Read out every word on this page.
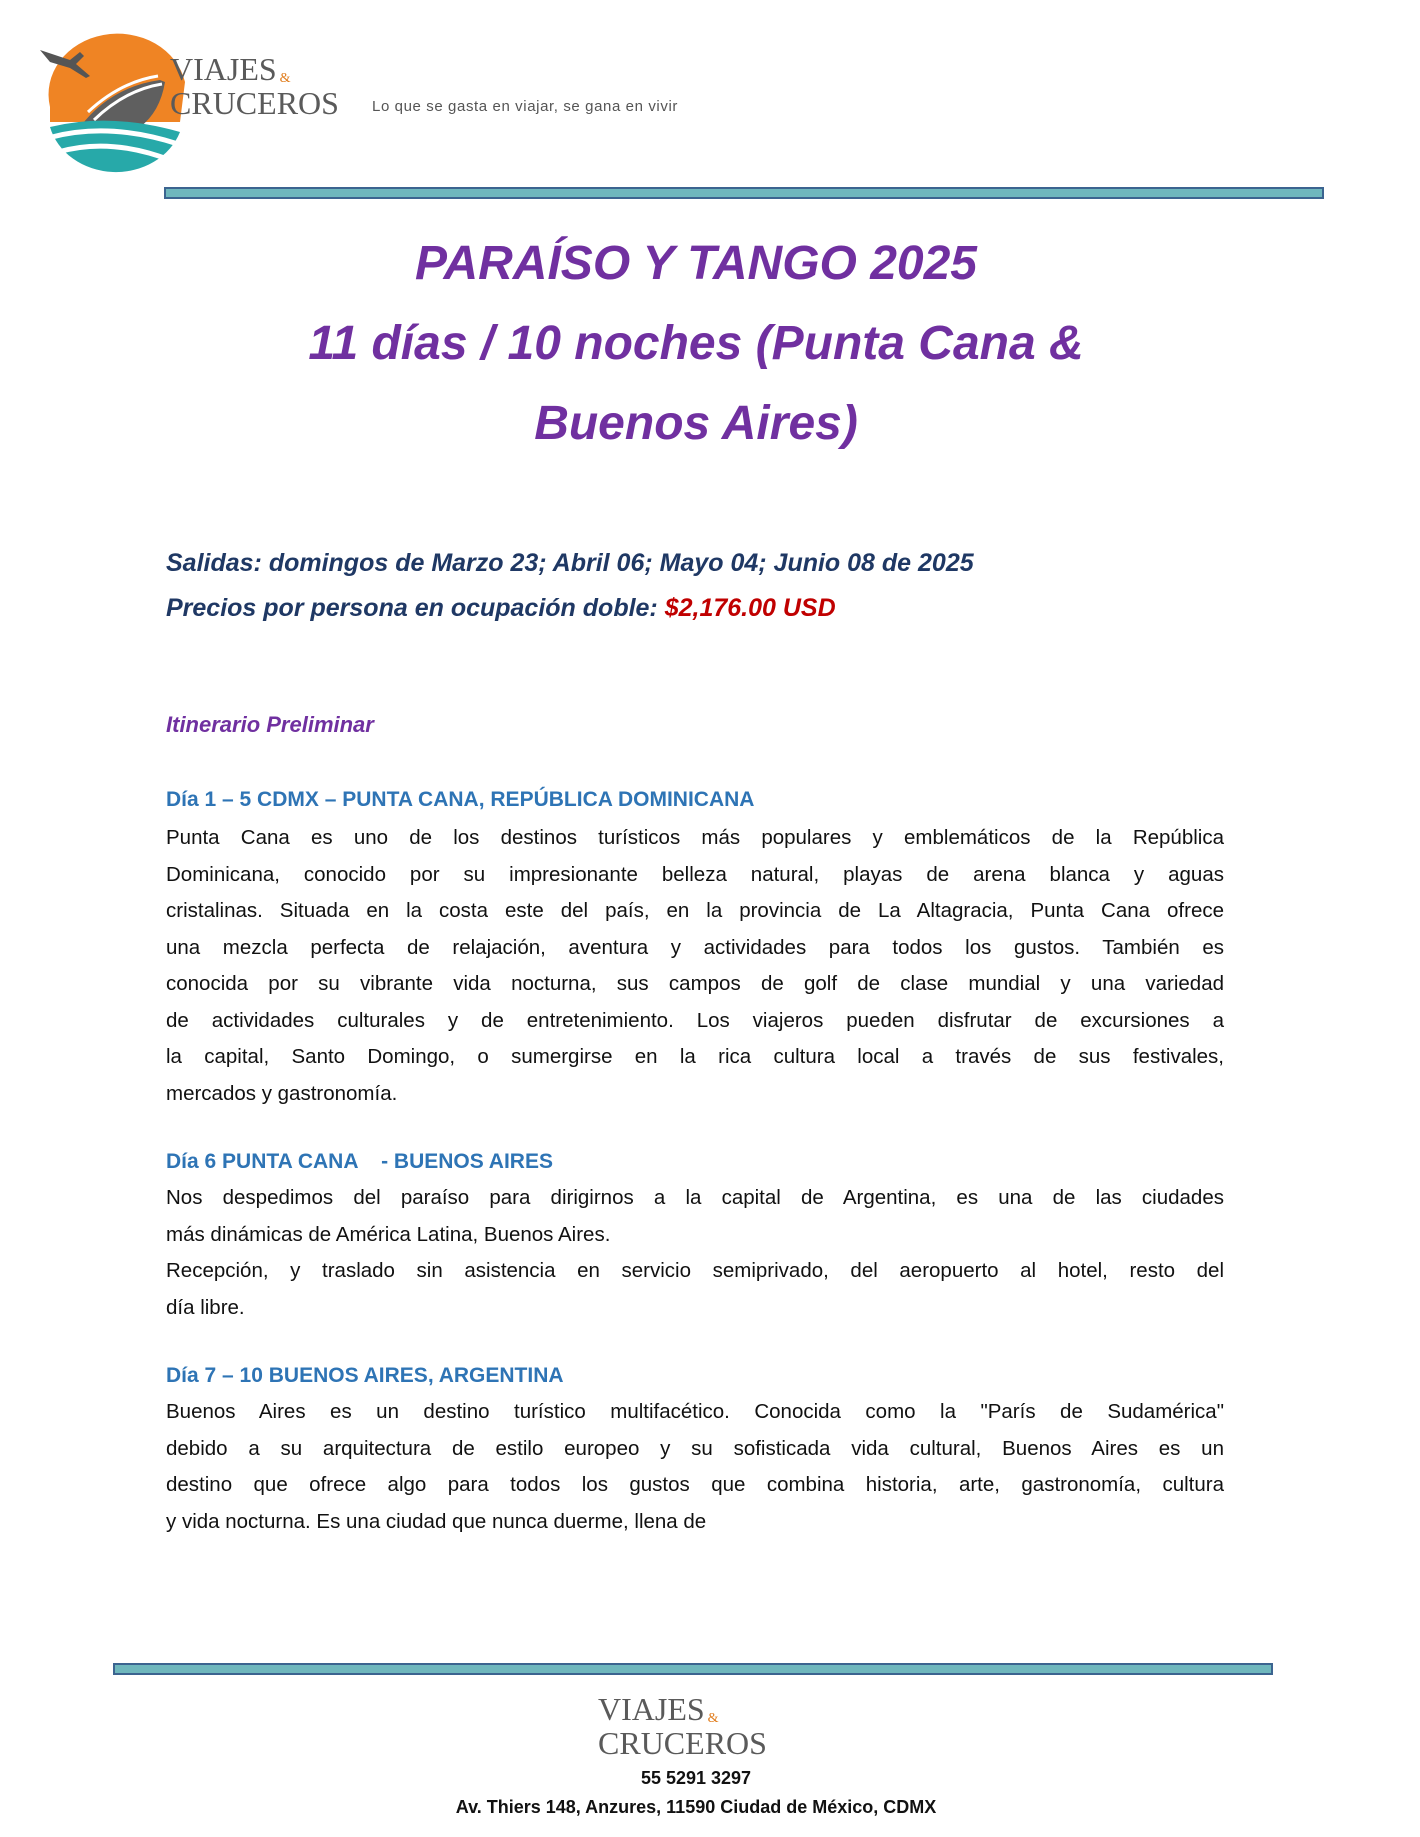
VIAJES &
CRUCEROS Lo que se gasta en viajar, se gana en vivir
PARAÍSO Y TANGO 2025
11 días / 10 noches (Punta Cana &
Buenos Aires)
Salidas: domingos de Marzo 23; Abril 06; Mayo 04; Junio 08 de 2025
Precios por persona en ocupación doble: $2,176.00 USD
Itinerario Preliminar
Día 1 – 5 CDMX – PUNTA CANA, REPÚBLICA DOMINICANA
Punta Cana es uno de los destinos turísticos más populares y emblemáticos de la República
Dominicana, conocido por su impresionante belleza natural, playas de arena blanca y aguas
cristalinas. Situada en la costa este del país, en la provincia de La Altagracia, Punta Cana ofrece
una mezcla perfecta de relajación, aventura y actividades para todos los gustos. También es
conocida por su vibrante vida nocturna, sus campos de golf de clase mundial y una variedad
de actividades culturales y de entretenimiento. Los viajeros pueden disfrutar de excursiones a
la capital, Santo Domingo, o sumergirse en la rica cultura local a través de sus festivales,
mercados y gastronomía.
Día 6 PUNTA CANA    - BUENOS AIRES
Nos despedimos del paraíso para dirigirnos a la capital de Argentina, es una de las ciudades
más dinámicas de América Latina, Buenos Aires.
Recepción, y traslado sin asistencia en servicio semiprivado, del aeropuerto al hotel, resto del
día libre.
Día 7 – 10 BUENOS AIRES, ARGENTINA
Buenos Aires es un destino turístico multifacético. Conocida como la "París de Sudamérica"
debido a su arquitectura de estilo europeo y su sofisticada vida cultural, Buenos Aires es un
destino que ofrece algo para todos los gustos que combina historia, arte, gastronomía, cultura
y vida nocturna. Es una ciudad que nunca duerme, llena de
VIAJES &
CRUCEROS
55 5291 3297
Av. Thiers 148, Anzures, 11590 Ciudad de México, CDMX
